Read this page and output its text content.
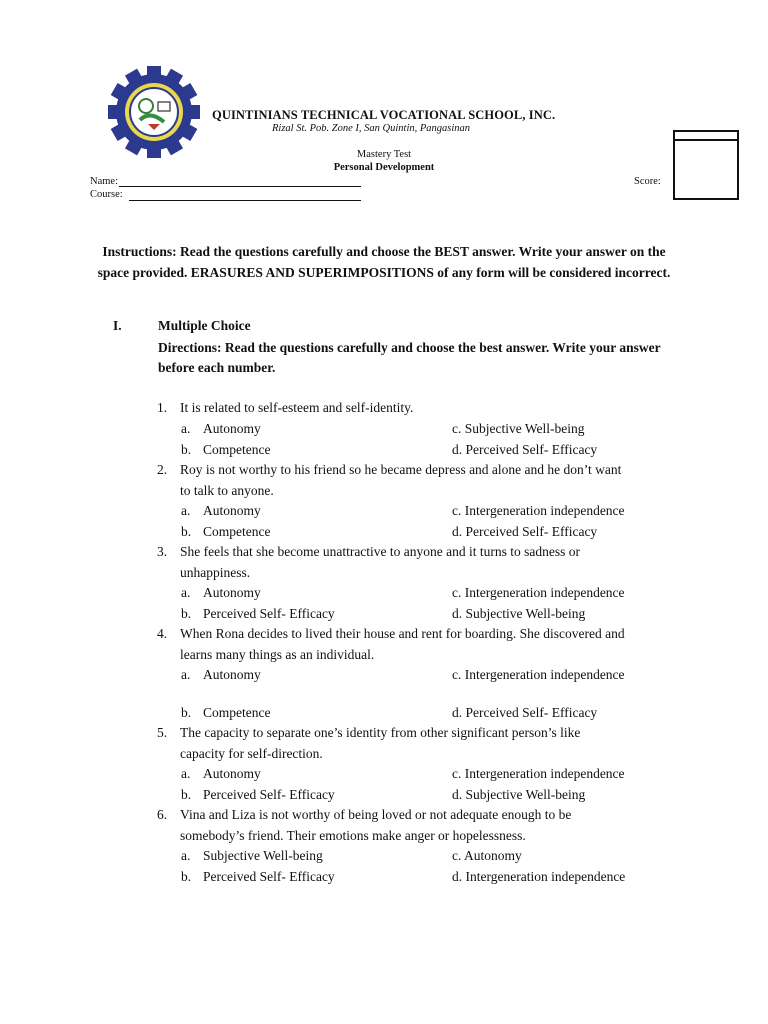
QUINTINIANS TECHNICAL VOCATIONAL SCHOOL, INC.
Rizal St. Pob. Zone I, San Quintin, Pangasinan
Mastery Test
Personal Development
Name:
Course:
Score:
Instructions: Read the questions carefully and choose the BEST answer. Write your answer on the space provided. ERASURES AND SUPERIMPOSITIONS of any form will be considered incorrect.
I.	Multiple Choice
Directions: Read the questions carefully and choose the best answer. Write your answer before each number.
1. It is related to self-esteem and self-identity.
a. Autonomy	c. Subjective Well-being
b. Competence	d. Perceived Self- Efficacy
2. Roy is not worthy to his friend so he became depress and alone and he don’t want
to talk to anyone.
a. Autonomy	c. Intergeneration independence
b. Competence	d. Perceived Self- Efficacy
3. She feels that she become unattractive to anyone and it turns to sadness or
unhappiness.
a. Autonomy	c. Intergeneration independence
b. Perceived Self- Efficacy	d. Subjective Well-being
4. When Rona decides to lived their house and rent for boarding. She discovered and
learns many things as an individual.
a. Autonomy	c. Intergeneration independence
b. Competence	d. Perceived Self- Efficacy
5. The capacity to separate one’s identity from other significant person’s like
capacity for self-direction.
a. Autonomy	c. Intergeneration independence
b. Perceived Self- Efficacy	d. Subjective Well-being
6. Vina and Liza is not worthy of being loved or not adequate enough to be
somebody’s friend. Their emotions make anger or hopelessness.
a. Subjective Well-being	c. Autonomy
b. Perceived Self- Efficacy	d. Intergeneration independence
